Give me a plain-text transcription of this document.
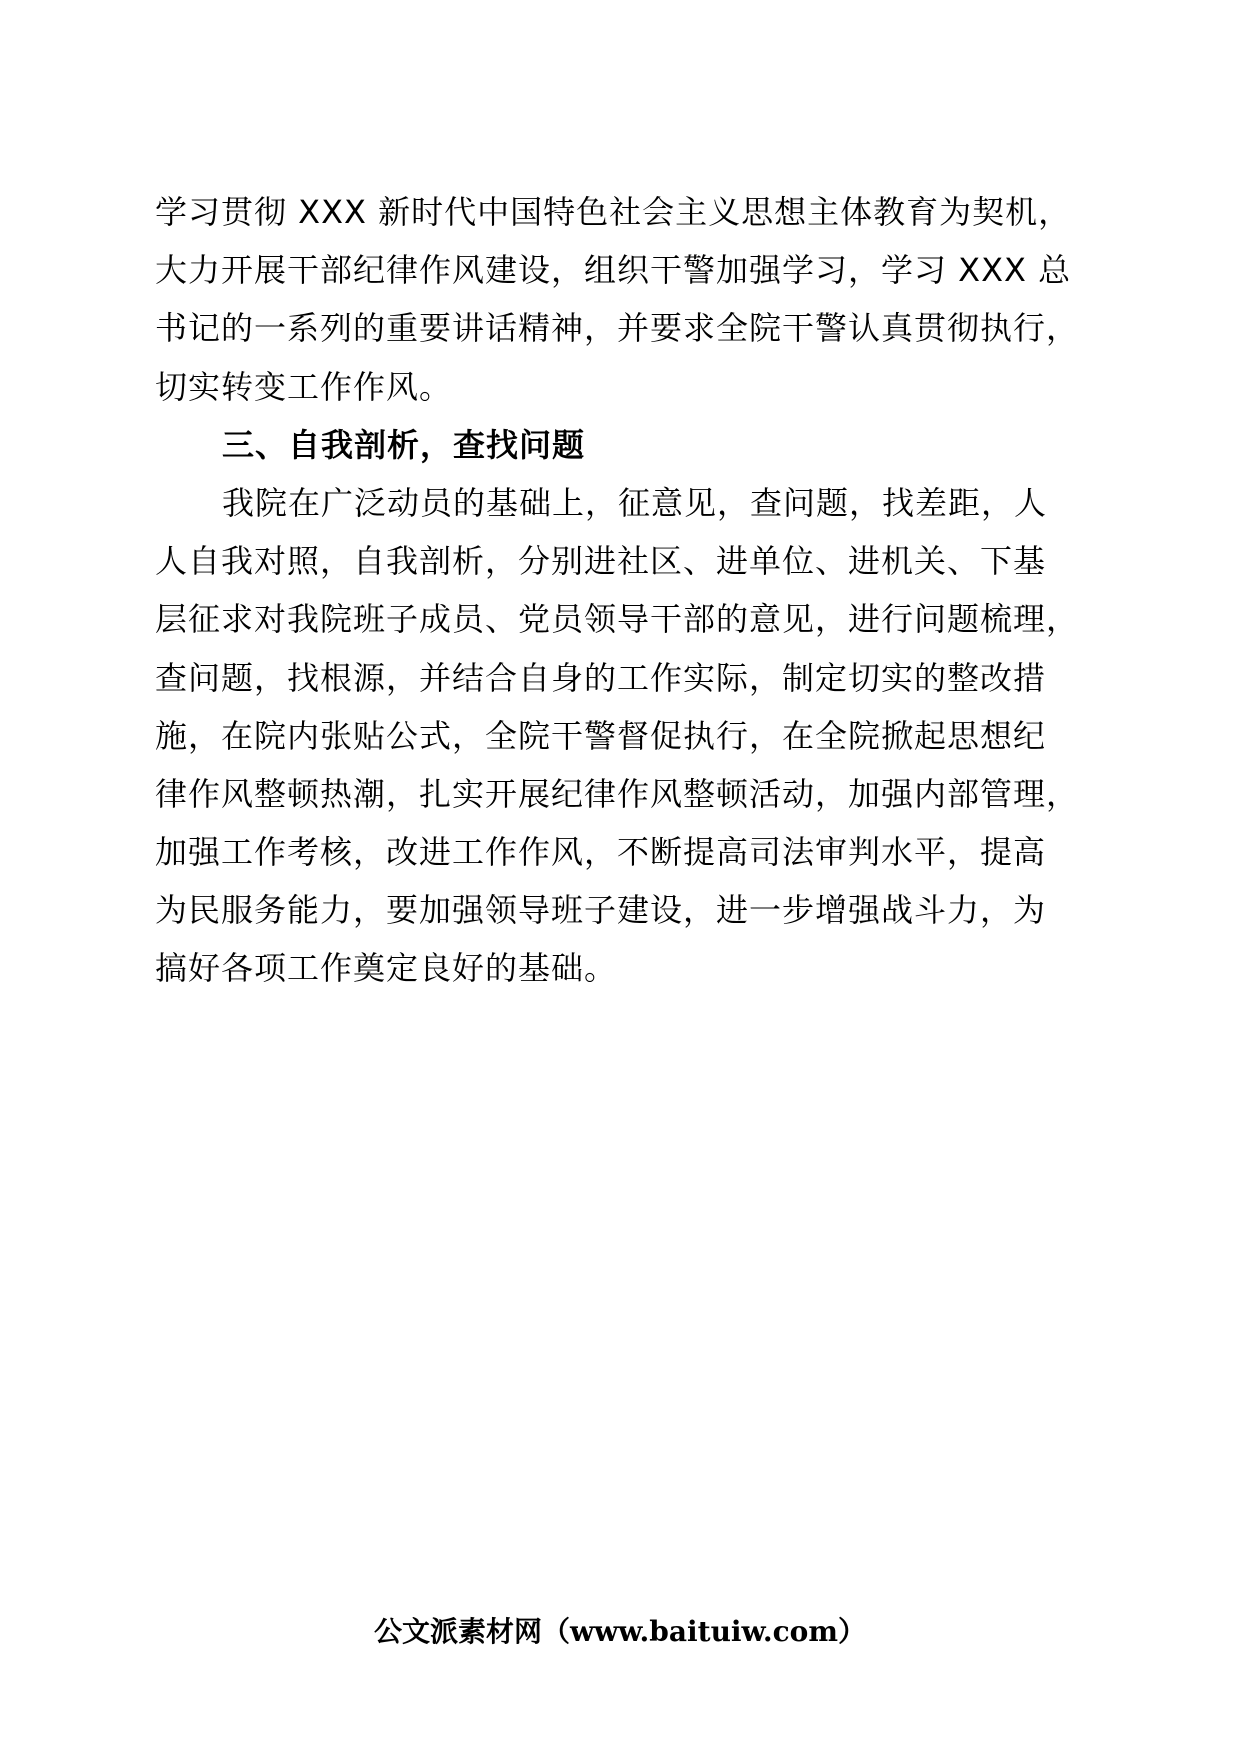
学习贯彻 XXX 新时代中国特色社会主义思想主体教育为契机，
大力开展干部纪律作风建设，组织干警加强学习，学习 XXX 总
书记的一系列的重要讲话精神，并要求全院干警认真贯彻执行，
切实转变工作作风。
三、自我剖析，查找问题
我院在广泛动员的基础上，征意见，查问题，找差距，人
人自我对照，自我剖析，分别进社区、进单位、进机关、下基
层征求对我院班子成员、党员领导干部的意见，进行问题梳理，
查问题，找根源，并结合自身的工作实际，制定切实的整改措
施，在院内张贴公式，全院干警督促执行，在全院掀起思想纪
律作风整顿热潮，扎实开展纪律作风整顿活动，加强内部管理，
加强工作考核，改进工作作风，不断提高司法审判水平，提高
为民服务能力，要加强领导班子建设，进一步增强战斗力，为
搞好各项工作奠定良好的基础。
公文派素材网（www.baituiw.com）
